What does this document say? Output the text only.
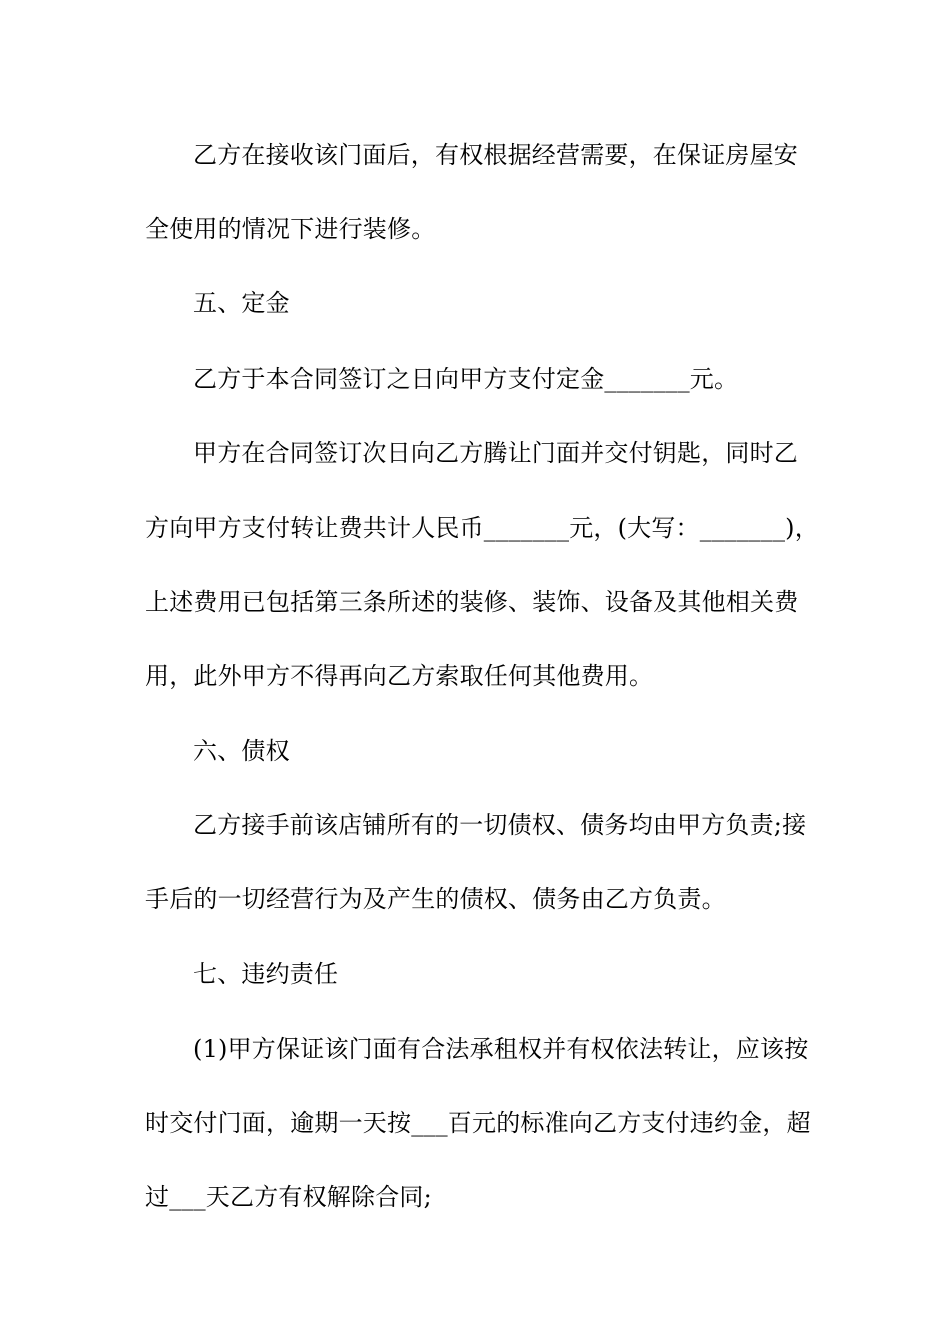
乙方在接收该门面后，有权根据经营需要，在保证房屋安
全使用的情况下进行装修。
五、定金
乙方于本合同签订之日向甲方支付定金_______元。
甲方在合同签订次日向乙方腾让门面并交付钥匙，同时乙
方向甲方支付转让费共计人民币_______元，(大写：_______)，
上述费用已包括第三条所述的装修、装饰、设备及其他相关费
用，此外甲方不得再向乙方索取任何其他费用。
六、债权
乙方接手前该店铺所有的一切债权、债务均由甲方负责;接
手后的一切经营行为及产生的债权、债务由乙方负责。
七、违约责任
(1)甲方保证该门面有合法承租权并有权依法转让，应该按
时交付门面，逾期一天按___百元的标准向乙方支付违约金，超
过___天乙方有权解除合同;
